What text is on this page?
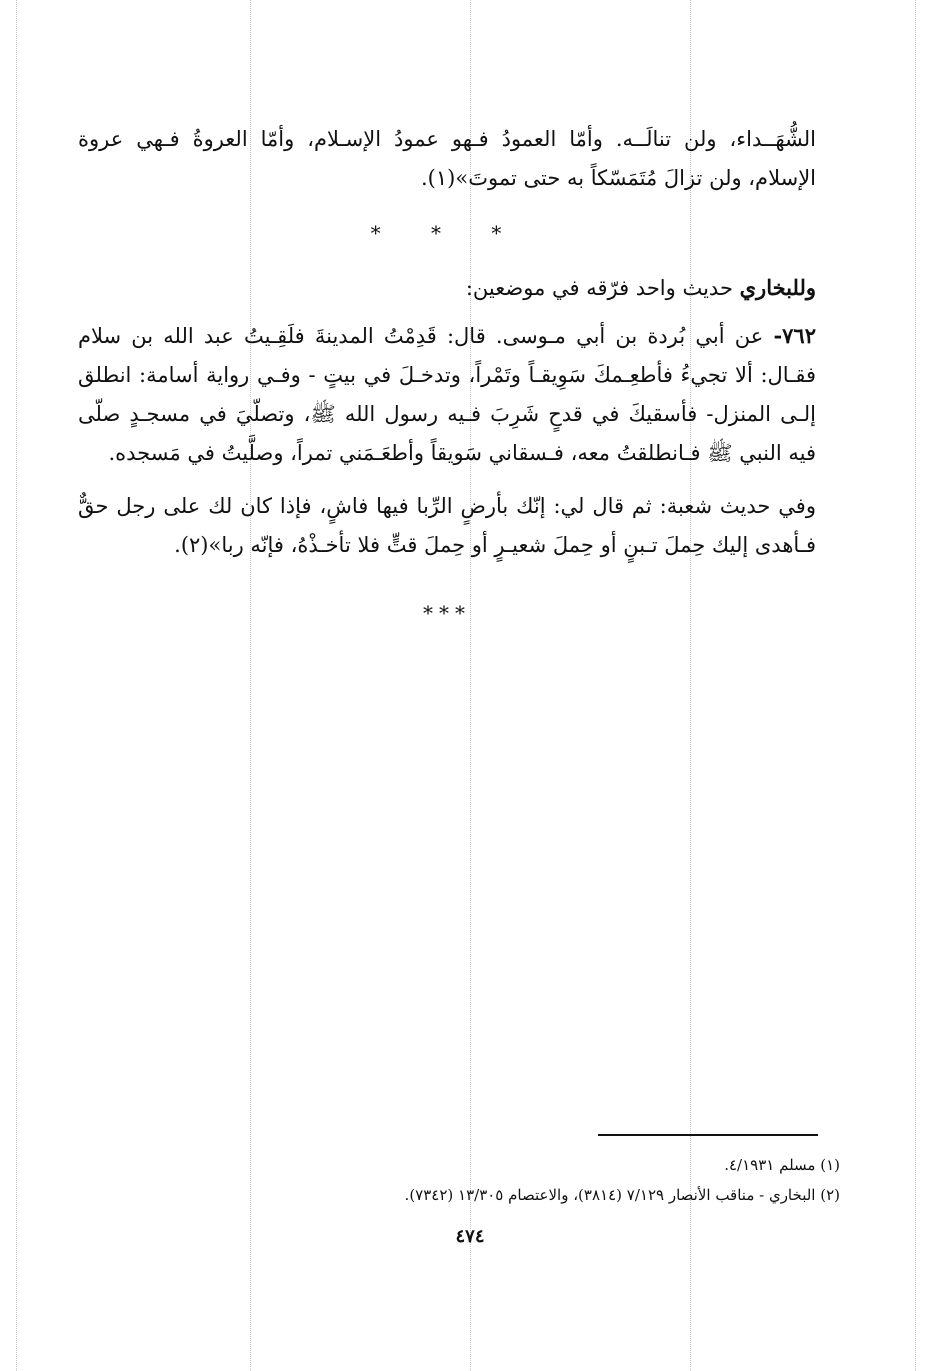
الشُّهَــداء، ولن تنالَــه. وأمّا العمودُ فـهو عمودُ الإسـلام، وأمّا العروةُ فـهي عروة الإسلام، ولن تزالَ مُتَمَسّكاً به حتى تموتَ»(١).

* * *

وللبخاري حديث واحد فرّقه في موضعين:

٧٦٢- عن أبي بُردة بن أبي مـوسى. قال: قَدِمْتُ المدينةَ فلَقِـيتُ عبد الله بن سلام فقـال: ألا تجيءُ فأطعِـمكَ سَوِيقـاً وتَمْراً، وتدخـلَ في بيتٍ - وفـي رواية أسامة: انطلق إلـى المنزل- فأسقيكَ في قدحٍ شَرِبَ فـيه رسول الله ﷺ، وتصلّيَ في مسجـدٍ صلّى فيه النبي ﷺ فـانطلقتُ معه، فـسقاني سَويقاً وأطعَـمَني تمراً، وصلَّيتُ في مَسجده.

وفي حديث شعبة: ثم قال لي: إنّك بأرضٍ الرِّبا فيها فاشٍ، فإذا كان لك على رجل حقٌّ فـأهدى إليك حِملَ تـبنٍ أو حِملَ شعيـرٍ أو حِملَ قتٍّ فلا تأخـذْهُ، فإنّه ربا»(٢).

***
(١) مسلم ٤/١٩٣١.
(٢) البخاري - مناقب الأنصار ٧/١٢٩ (٣٨١٤)، والاعتصام ١٣/٣٠٥ (٧٣٤٢).
٤٧٤
